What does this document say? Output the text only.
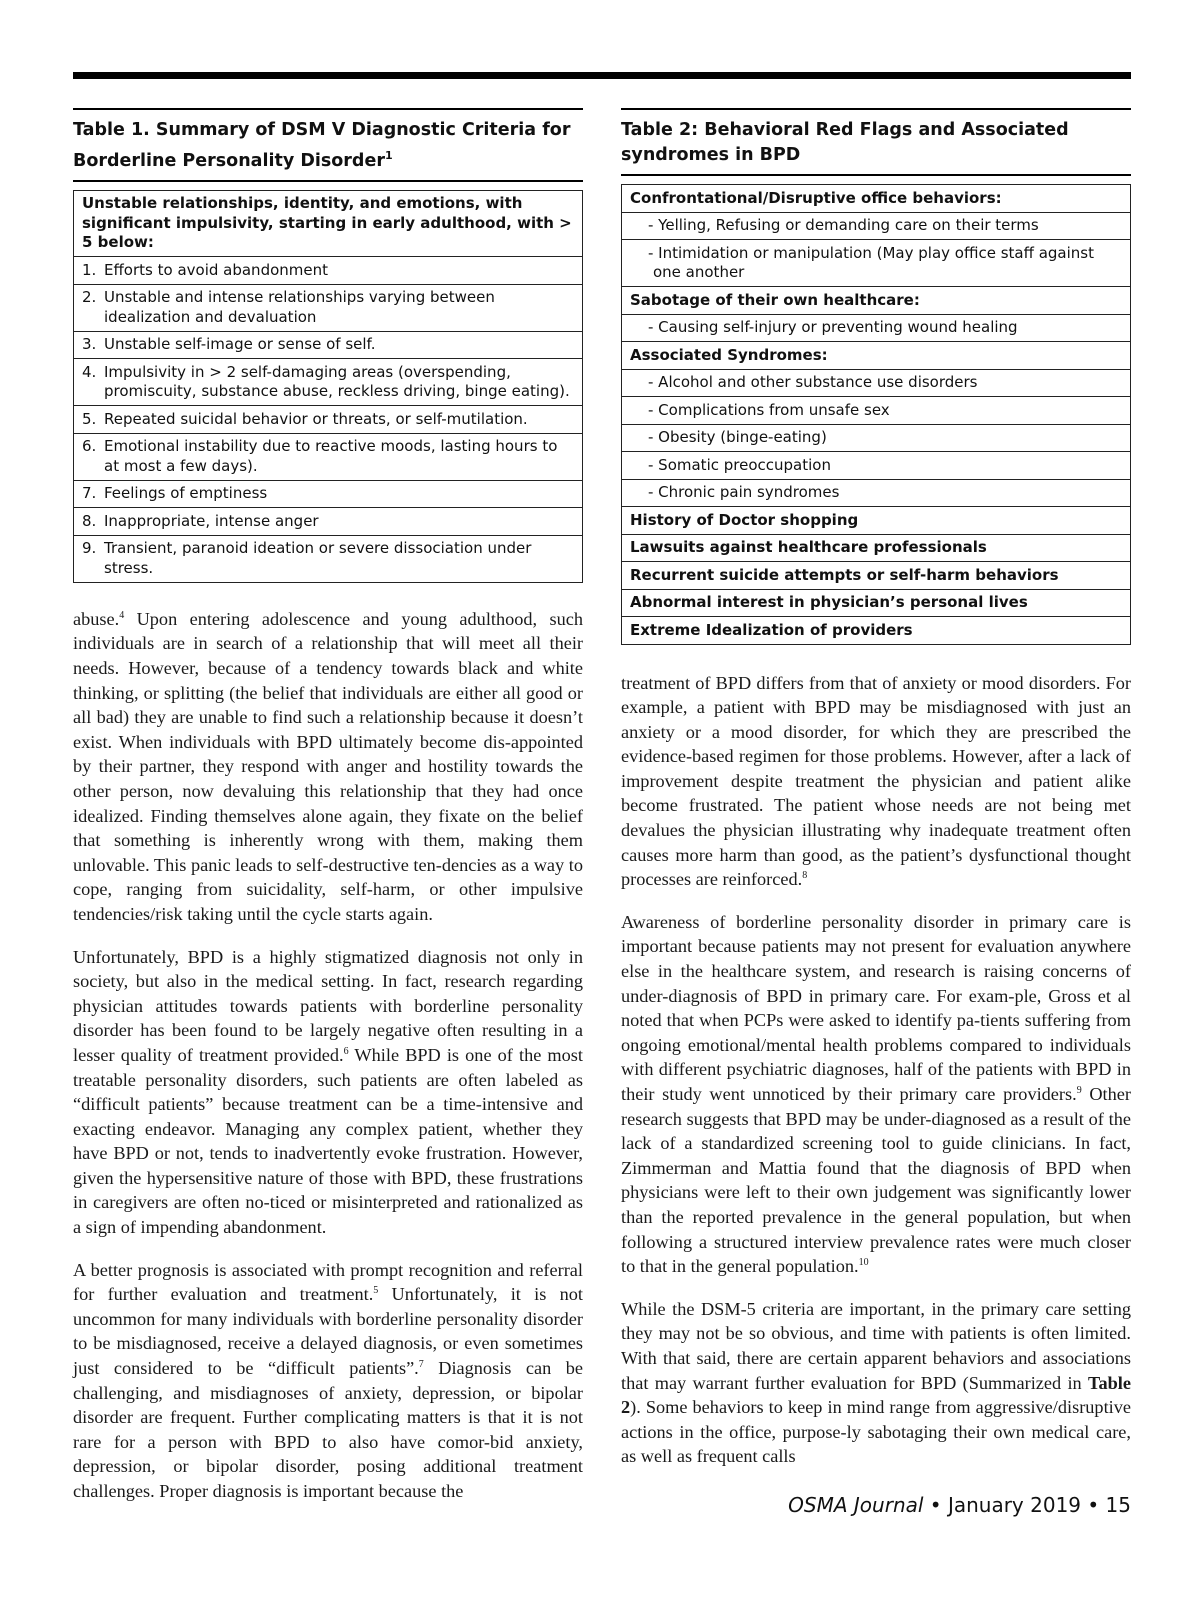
Table 1. Summary of DSM V Diagnostic Criteria for Borderline Personality Disorder$^1$
Unstable relationships, identity, and emotions, with significant impulsivity, starting in early adulthood, with > 5 below:
1. Efforts to avoid abandonment
2. Unstable and intense relationships varying between idealization and devaluation
3. Unstable self-image or sense of self.
4. Impulsivity in > 2 self-damaging areas (overspending, promiscuity, substance abuse, reckless driving, binge eating).
5. Repeated suicidal behavior or threats, or self-mutilation.
6. Emotional instability due to reactive moods, lasting hours to at most a few days).
7. Feelings of emptiness
8. Inappropriate, intense anger
9. Transient, paranoid ideation or severe dissociation under stress.

abuse.$^4$ Upon entering adolescence and young adulthood, such individuals are in search of a relationship that will meet all their needs. However, because of a tendency towards black and white thinking, or splitting (the belief that individuals are either all good or all bad) they are unable to find such a relationship because it doesn’t exist. When individuals with BPD ultimately become dis-appointed by their partner, they respond with anger and hostility towards the other person, now devaluing this relationship that they had once idealized. Finding themselves alone again, they fixate on the belief that something is inherently wrong with them, making them unlovable. This panic leads to self-destructive ten-dencies as a way to cope, ranging from suicidality, self-harm, or other impulsive tendencies/risk taking until the cycle starts again.

Unfortunately, BPD is a highly stigmatized diagnosis not only in society, but also in the medical setting. In fact, research regarding physician attitudes towards patients with borderline personality disorder has been found to be largely negative often resulting in a lesser quality of treatment provided.$^6$ While BPD is one of the most treatable personality disorders, such patients are often labeled as “difficult patients” because treatment can be a time-intensive and exacting endeavor. Managing any complex patient, whether they have BPD or not, tends to inadvertently evoke frustration. However, given the hypersensitive nature of those with BPD, these frustrations in caregivers are often no-ticed or misinterpreted and rationalized as a sign of impending abandonment.

A better prognosis is associated with prompt recognition and referral for further evaluation and treatment.$^5$ Unfortunately, it is not uncommon for many individuals with borderline personality disorder to be misdiagnosed, receive a delayed diagnosis, or even sometimes just considered to be “difficult patients”.$^7$ Diagnosis can be challenging, and misdiagnoses of anxiety, depression, or bipolar disorder are frequent. Further complicating matters is that it is not rare for a person with BPD to also have comor-bid anxiety, depression, or bipolar disorder, posing additional treatment challenges. Proper diagnosis is important because the

Table 2: Behavioral Red Flags and Associated syndromes in BPD
Confrontational/Disruptive office behaviors:
- Yelling, Refusing or demanding care on their terms
- Intimidation or manipulation (May play office staff against one another
Sabotage of their own healthcare:
- Causing self-injury or preventing wound healing
Associated Syndromes:
- Alcohol and other substance use disorders
- Complications from unsafe sex
- Obesity (binge-eating)
- Somatic preoccupation
- Chronic pain syndromes
History of Doctor shopping
Lawsuits against healthcare professionals
Recurrent suicide attempts or self-harm behaviors
Abnormal interest in physician’s personal lives
Extreme Idealization of providers

treatment of BPD differs from that of anxiety or mood disorders. For example, a patient with BPD may be misdiagnosed with just an anxiety or a mood disorder, for which they are prescribed the evidence-based regimen for those problems. However, after a lack of improvement despite treatment the physician and patient alike become frustrated. The patient whose needs are not being met devalues the physician illustrating why inadequate treatment often causes more harm than good, as the patient’s dysfunctional thought processes are reinforced.$^8$

Awareness of borderline personality disorder in primary care is important because patients may not present for evaluation anywhere else in the healthcare system, and research is raising concerns of under-diagnosis of BPD in primary care. For exam-ple, Gross et al noted that when PCPs were asked to identify pa-tients suffering from ongoing emotional/mental health problems compared to individuals with different psychiatric diagnoses, half of the patients with BPD in their study went unnoticed by their primary care providers.$^9$ Other research suggests that BPD may be under-diagnosed as a result of the lack of a standardized screening tool to guide clinicians. In fact, Zimmerman and Mattia found that the diagnosis of BPD when physicians were left to their own judgement was significantly lower than the reported prevalence in the general population, but when following a structured interview prevalence rates were much closer to that in the general population.$^{10}$

While the DSM-5 criteria are important, in the primary care setting they may not be so obvious, and time with patients is often limited. With that said, there are certain apparent behaviors and associations that may warrant further evaluation for BPD (Summarized in Table 2). Some behaviors to keep in mind range from aggressive/disruptive actions in the office, purpose-ly sabotaging their own medical care, as well as frequent calls

OSMA Journal • January 2019 • 15
